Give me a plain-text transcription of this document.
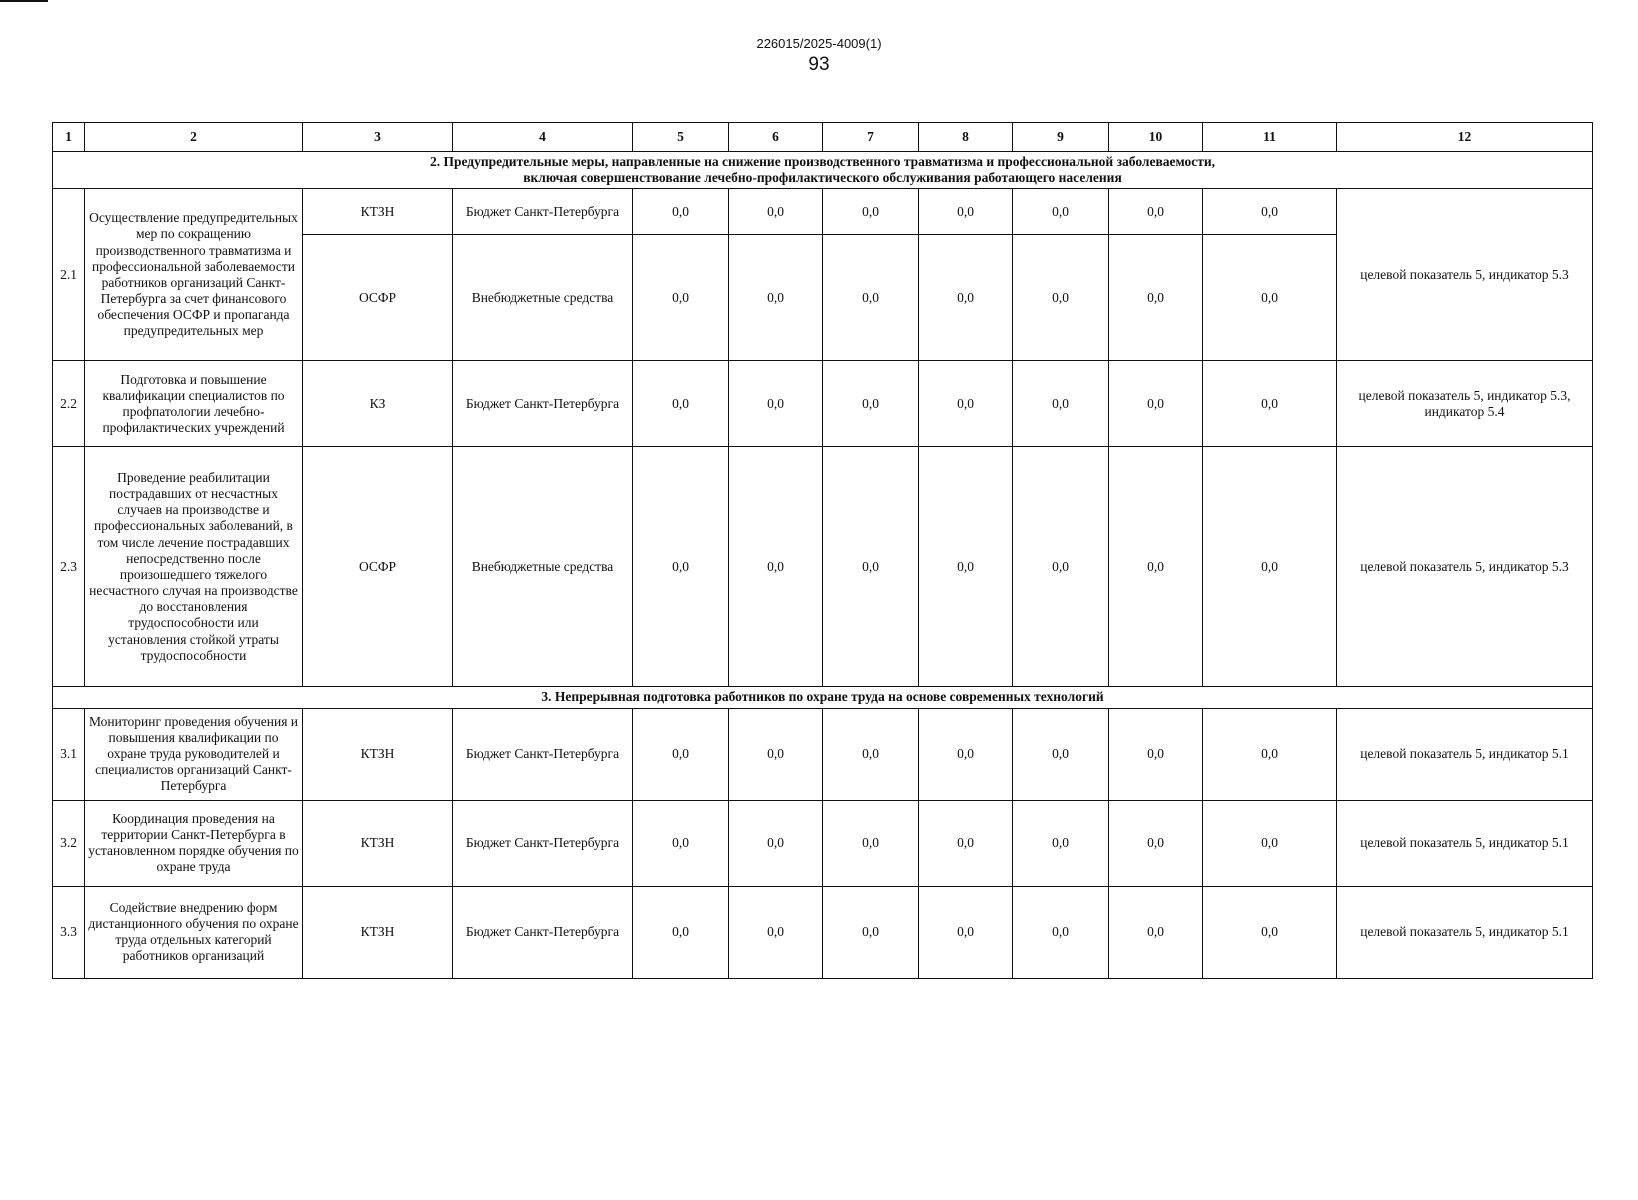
226015/2025-4009(1)
93
1	2	3	4	5	6	7	8	9	10	11	12
2. Предупредительные меры, направленные на снижение производственного травматизма и профессиональной заболеваемости,
включая совершенствование лечебно-профилактического обслуживания работающего населения											
2.1	Осуществление предупредительных мер по сокращению производственного травматизма и профессиональной заболеваемости работников организаций Санкт-Петербурга за счет финансового обеспечения ОСФР и пропаганда предупредительных мер	КТЗН	Бюджет Санкт-Петербурга	0,0	0,0	0,0	0,0	0,0	0,0	0,0	целевой показатель 5, индикатор 5.3
		ОСФР	Внебюджетные средства	0,0	0,0	0,0	0,0	0,0	0,0	0,0	
2.2	Подготовка и повышение квалификации специалистов по профпатологии лечебно-профилактических учреждений	КЗ	Бюджет Санкт-Петербурга	0,0	0,0	0,0	0,0	0,0	0,0	0,0	целевой показатель 5, индикатор 5.3, индикатор 5.4
2.3	Проведение реабилитации пострадавших от несчастных случаев на производстве и профессиональных заболеваний, в том числе лечение пострадавших непосредственно после произошедшего тяжелого несчастного случая на производстве до восстановления трудоспособности или установления стойкой утраты трудоспособности	ОСФР	Внебюджетные средства	0,0	0,0	0,0	0,0	0,0	0,0	0,0	целевой показатель 5, индикатор 5.3
3. Непрерывная подготовка работников по охране труда на основе современных технологий											
3.1	Мониторинг проведения обучения и повышения квалификации по охране труда руководителей и специалистов организаций Санкт-Петербурга	КТЗН	Бюджет Санкт-Петербурга	0,0	0,0	0,0	0,0	0,0	0,0	0,0	целевой показатель 5, индикатор 5.1
3.2	Координация проведения на территории Санкт-Петербурга в установленном порядке обучения по охране труда	КТЗН	Бюджет Санкт-Петербурга	0,0	0,0	0,0	0,0	0,0	0,0	0,0	целевой показатель 5, индикатор 5.1
3.3	Содействие внедрению форм дистанционного обучения по охране труда отдельных категорий работников организаций	КТЗН	Бюджет Санкт-Петербурга	0,0	0,0	0,0	0,0	0,0	0,0	0,0	целевой показатель 5, индикатор 5.1
